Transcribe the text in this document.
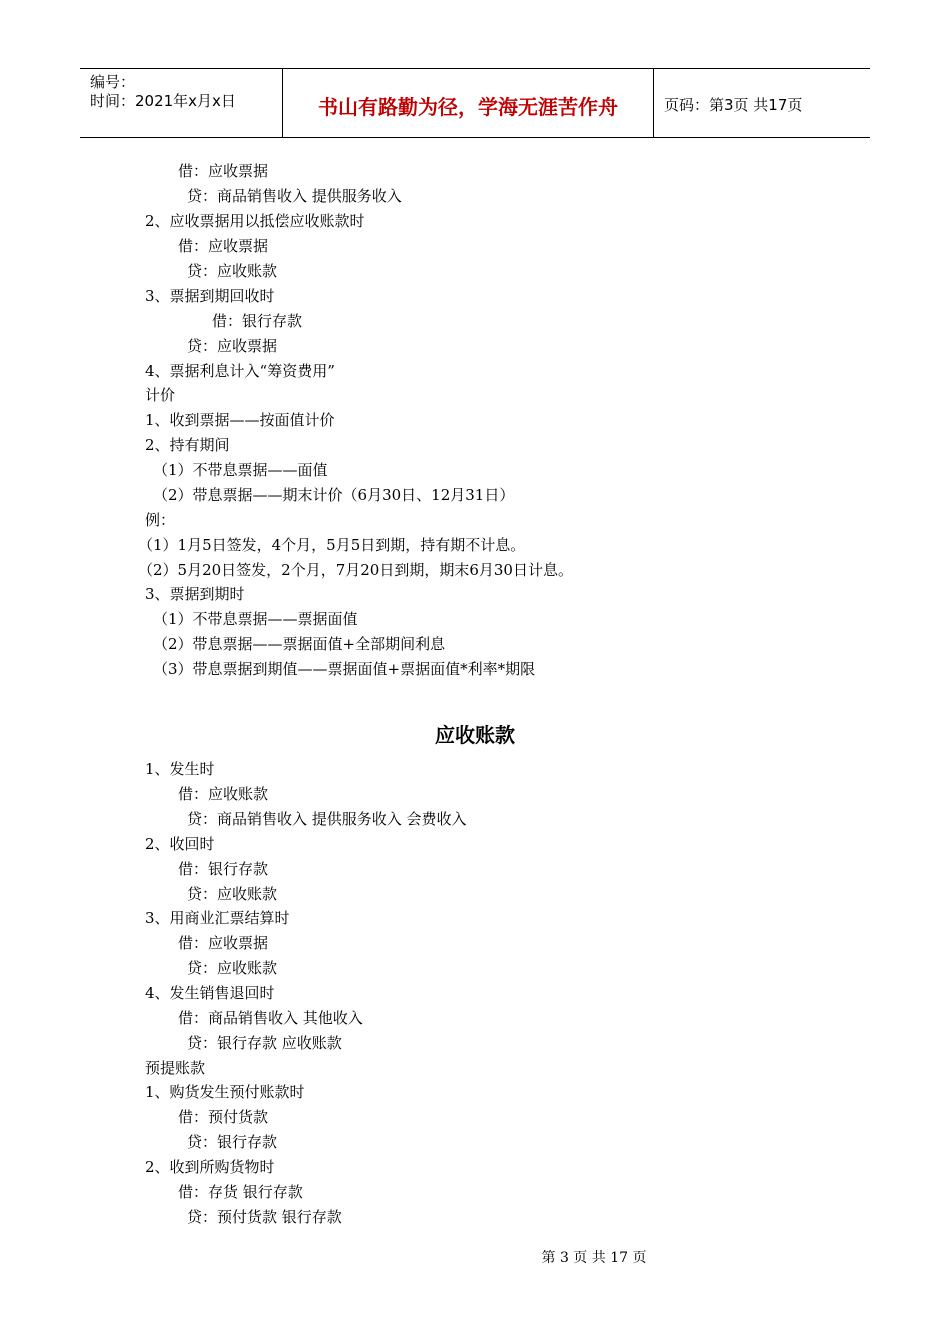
编号：
时间：2021年x月x日	书山有路勤为径，学海无涯苦作舟	页码：第3页 共17页
借：应收票据
贷：商品销售收入 提供服务收入
2、应收票据用以抵偿应收账款时
借：应收票据
贷：应收账款
3、票据到期回收时
借：银行存款
贷：应收票据
4、票据利息计入“筹资费用”
计价
1、收到票据——按面值计价
2、持有期间
（1）不带息票据——面值
（2）带息票据——期末计价（6月30日、12月31日）
例：
（1）1月5日签发，4个月，5月5日到期，持有期不计息。
（2）5月20日签发，2个月，7月20日到期，期末6月30日计息。
3、票据到期时
（1）不带息票据——票据面值
（2）带息票据——票据面值+全部期间利息
（3）带息票据到期值——票据面值+票据面值*利率*期限
应收账款
1、发生时
借：应收账款
贷：商品销售收入 提供服务收入 会费收入
2、收回时
借：银行存款
贷：应收账款
3、用商业汇票结算时
借：应收票据
贷：应收账款
4、发生销售退回时
借：商品销售收入 其他收入
贷：银行存款 应收账款
预提账款
1、购货发生预付账款时
借：预付货款
贷：银行存款
2、收到所购货物时
借：存货 银行存款
贷：预付货款 银行存款
第 3 页 共 17 页
